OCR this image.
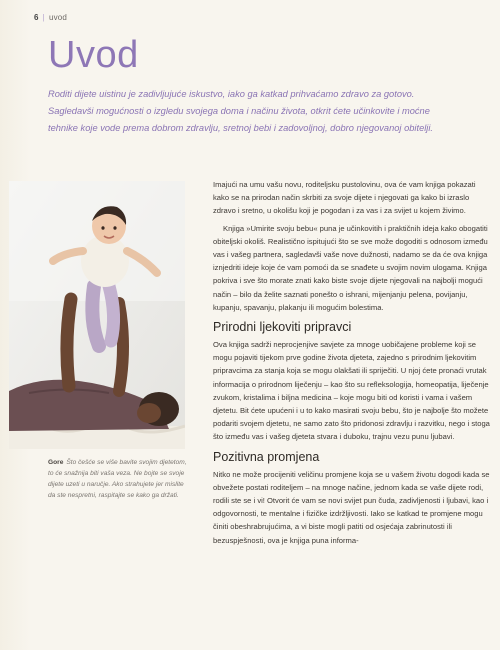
6 | uvod
Uvod

Roditi dijete uistinu je zadivljujuće iskustvo, iako ga katkad prihvaćamo zdravo za gotovo. Sagledavši mogućnosti o izgledu svojega doma i načinu života, otkrit ćete učinkovite i moćne tehnike koje vode prema dobrom zdravlju, sretnoj bebi i zadovoljnoj, dobro njegovanoj obitelji.

Gore Što češće se više bavite svojim djetetom, to će snažnija biti vaša veza. Ne bojte se svoje dijete uzeti u naručje. Ako strahujete jer mislite da ste nespretni, raspitajte se kako ga držati.

Imajući na umu vašu novu, roditeljsku pustolovinu, ova će vam knjiga pokazati kako se na prirodan način skrbiti za svoje dijete i njegovati ga kako bi izraslo zdravo i sretno, u okolišu koji je pogodan i za vas i za svijet u kojem živimo.

Knjiga »Umirite svoju bebu« puna je učinkovitih i praktičnih ideja kako obogatiti obiteljski okoliš. Realistično ispitujući što se sve može dogoditi s odnosom između vas i vašeg partnera, sagledavši vaše nove dužnosti, nadamo se da će ova knjiga iznjedriti ideje koje će vam pomoći da se snađete u svojim novim ulogama. Knjiga pokriva i sve što morate znati kako biste svoje dijete njegovali na najbolji mogući način – bilo da želite saznati ponešto o ishrani, mijenjanju pelena, povijanju, kupanju, spavanju, plakanju ili mogućim bolestima.

Prirodni ljekoviti pripravci

Ova knjiga sadrži neprocjenjive savjete za mnoge uobičajene probleme koji se mogu pojaviti tijekom prve godine života djeteta, zajedno s prirodnim ljekovitim pripravcima za stanja koja se mogu olakšati ili spriječiti. U njoj ćete pronaći vrutak informacija o prirodnom liječenju – kao što su refleksologija, homeopatija, liječenje zvukom, kristalima i biljna medicina – koje mogu biti od koristi i vama i vašem djetetu. Bit ćete upućeni i u to kako masirati svoju bebu, što je najbolje što možete podariti svojem djetetu, ne samo zato što pridonosi zdravlju i razvitku, nego i stoga što između vas i vašeg djeteta stvara i duboku, trajnu vezu punu ljubavi.

Pozitivna promjena

Nitko ne može procijeniti veličinu promjene koja se u vašem životu dogodi kada se obvežete postati roditeljem – na mnoge načine, jednom kada se vaše dijete rodi, rodili ste se i vi! Otvorit će vam se novi svijet pun čuda, zadivljenosti i ljubavi, kao i odgovornosti, te mentalne i fizičke izdržljivosti. Iako se katkad te promjene mogu činiti obeshrabrujućima, a vi biste mogli patiti od osjećaja zabrinutosti ili bezuspješnosti, ova je knjiga puna informa-
